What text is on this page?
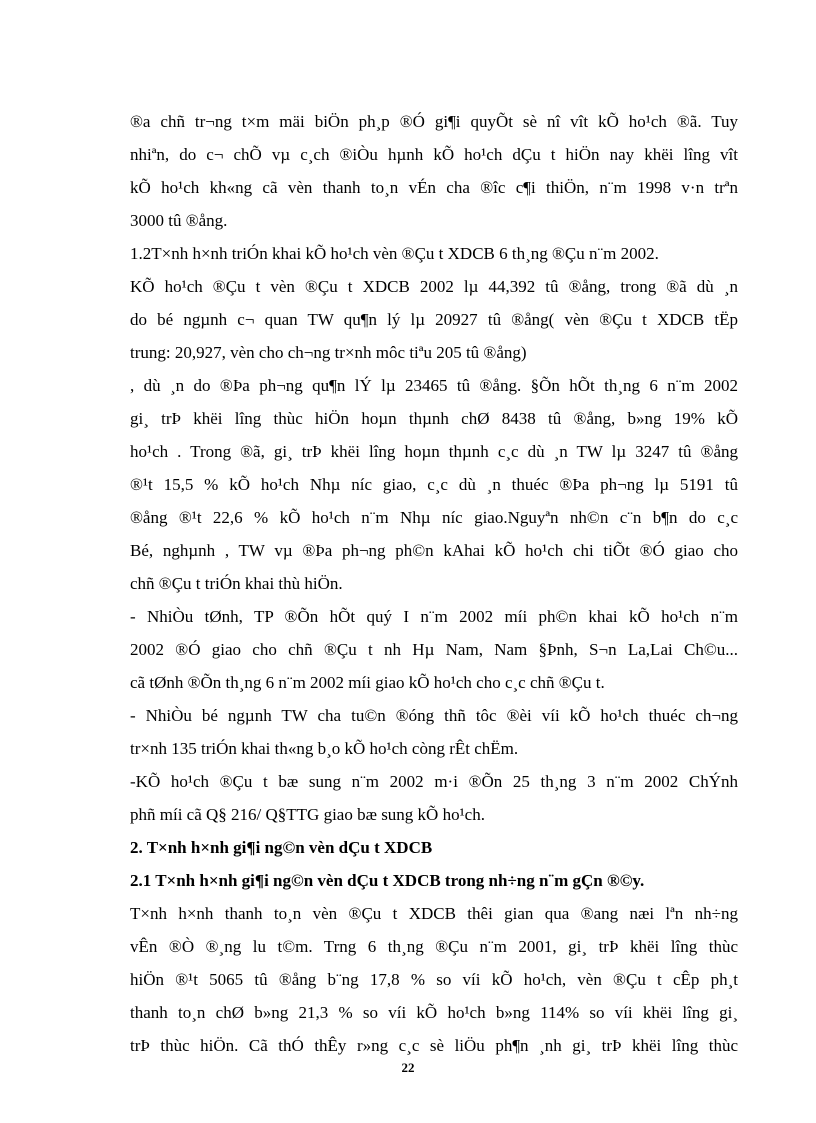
®a chñ tr¬ng t×m mäi biÖn ph¸p ®Ó gi¶i quyÕt sè nî vît kÕ ho¹ch ®ã. Tuy
nhiªn, do c¬ chÕ vµ c¸ch ®iÒu hµnh kÕ ho¹ch dÇu t hiÖn nay khëi lîng vît
kÕ ho¹ch kh«ng cã vèn thanh to¸n vÉn cha ®îc c¶i thiÖn, n¨m 1998 v·n trªn
3000 tû ®ång.
1.2T×nh h×nh triÓn khai kÕ ho¹ch vèn ®Çu t XDCB 6 th¸ng ®Çu n¨m 2002.
KÕ ho¹ch ®Çu t vèn ®Çu t XDCB 2002 lµ 44,392 tû ®ång, trong ®ã dù ¸n
do bé ngµnh c¬ quan TW qu¶n lý lµ 20927 tû ®ång( vèn ®Çu t XDCB tËp
trung: 20,927, vèn cho ch¬ng tr×nh môc tiªu 205 tû ®ång)
, dù ¸n do ®Þa ph¬ng qu¶n lÝ lµ 23465 tû ®ång. §Õn hÕt th¸ng 6 n¨m 2002
gi¸ trÞ khëi lîng thùc hiÖn hoµn thµnh chØ 8438 tû ®ång, b»ng 19% kÕ
ho¹ch . Trong ®ã, gi¸ trÞ khëi lîng hoµn thµnh c¸c dù ¸n TW lµ 3247 tû ®ång
®¹t 15,5 % kÕ ho¹ch Nhµ níc giao, c¸c dù ¸n thuéc ®Þa ph¬ng lµ 5191 tû
®ång ®¹t 22,6 % kÕ ho¹ch n¨m Nhµ níc giao.Nguyªn nh©n c¨n b¶n do c¸c
Bé, nghµnh , TW vµ ®Þa ph¬ng ph©n kAhai kÕ ho¹ch chi tiÕt ®Ó giao cho
chñ ®Çu t triÓn khai thù hiÖn.
- NhiÒu tØnh, TP ®Õn hÕt quý I n¨m 2002 míi ph©n khai kÕ ho¹ch n¨m
2002 ®Ó giao cho chñ ®Çu t nh Hµ Nam, Nam §Þnh, S¬n La,Lai Ch©u...
cã tØnh ®Õn th¸ng 6 n¨m 2002 míi giao kÕ ho¹ch cho c¸c chñ ®Çu t.
- NhiÒu bé ngµnh TW cha tu©n ®óng thñ tôc ®èi víi kÕ ho¹ch thuéc ch¬ng
tr×nh 135 triÓn khai th«ng b¸o kÕ ho¹ch còng rÊt chËm.
-KÕ ho¹ch ®Çu t bæ sung n¨m 2002 m·i ®Õn 25 th¸ng 3 n¨m 2002 ChÝnh
phñ míi cã Q§ 216/ Q§TTG giao bæ sung kÕ ho¹ch.
2. T×nh h×nh gi¶i ng©n vèn dÇu t XDCB
2.1 T×nh h×nh gi¶i ng©n vèn dÇu t XDCB trong nh÷ng n¨m gÇn ®©y.
T×nh h×nh thanh to¸n vèn ®Çu t XDCB thêi gian qua ®ang næi lªn nh÷ng
vÊn ®Ò ®¸ng lu t©m. Trng 6 th¸ng ®Çu n¨m 2001, gi¸ trÞ khëi lîng thùc
hiÖn ®¹t 5065 tû ®ång b¨ng 17,8 % so víi kÕ ho¹ch, vèn ®Çu t cÊp ph¸t
thanh to¸n chØ b»ng 21,3 % so víi kÕ ho¹ch b»ng 114% so víi khëi lîng gi¸
trÞ thùc hiÖn. Cã thÓ thÊy r»ng c¸c sè liÖu ph¶n ¸nh gi¸ trÞ khëi lîng thùc
22
